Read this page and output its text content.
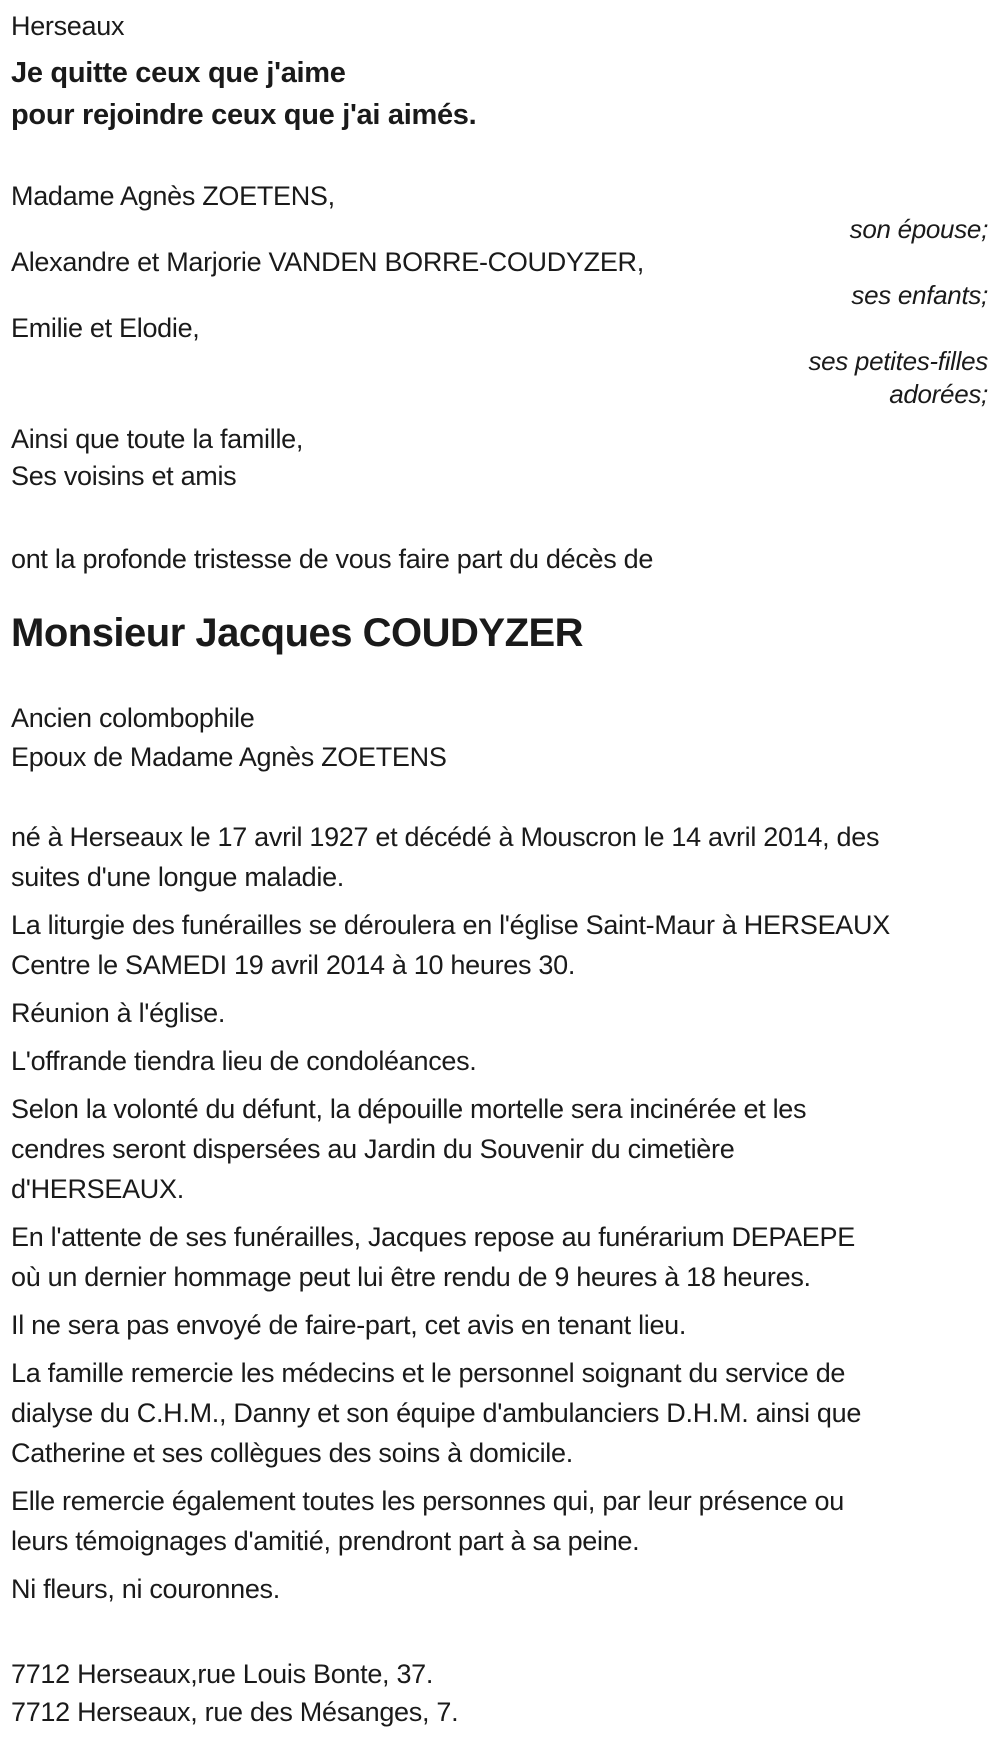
Herseaux
Je quitte ceux que j'aime
pour rejoindre ceux que j'ai aimés.
Madame Agnès ZOETENS,
son épouse;
Alexandre et Marjorie VANDEN BORRE-COUDYZER,
ses enfants;
Emilie et Elodie,
ses petites-filles adorées;
Ainsi que toute la famille,
Ses voisins et amis
ont la profonde tristesse de vous faire part du décès de
Monsieur Jacques COUDYZER
Ancien colombophile
Epoux de Madame Agnès ZOETENS
né à Herseaux le 17 avril 1927 et décédé à Mouscron le 14 avril 2014, des
suites d'une longue maladie.
La liturgie des funérailles se déroulera en l'église Saint-Maur à HERSEAUX
Centre le SAMEDI 19 avril 2014 à 10 heures 30.
Réunion à l'église.
L'offrande tiendra lieu de condoléances.
Selon la volonté du défunt, la dépouille mortelle sera incinérée et les
cendres seront dispersées au Jardin du Souvenir du cimetière
d'HERSEAUX.
En l'attente de ses funérailles, Jacques repose au funérarium DEPAEPE
où un dernier hommage peut lui être rendu de 9 heures à 18 heures.
Il ne sera pas envoyé de faire-part, cet avis en tenant lieu.
La famille remercie les médecins et le personnel soignant du service de
dialyse du C.H.M., Danny et son équipe d'ambulanciers D.H.M. ainsi que
Catherine et ses collègues des soins à domicile.
Elle remercie également toutes les personnes qui, par leur présence ou
leurs témoignages d'amitié, prendront part à sa peine.
Ni fleurs, ni couronnes.
7712 Herseaux,rue Louis Bonte, 37.
7712 Herseaux, rue des Mésanges, 7.
